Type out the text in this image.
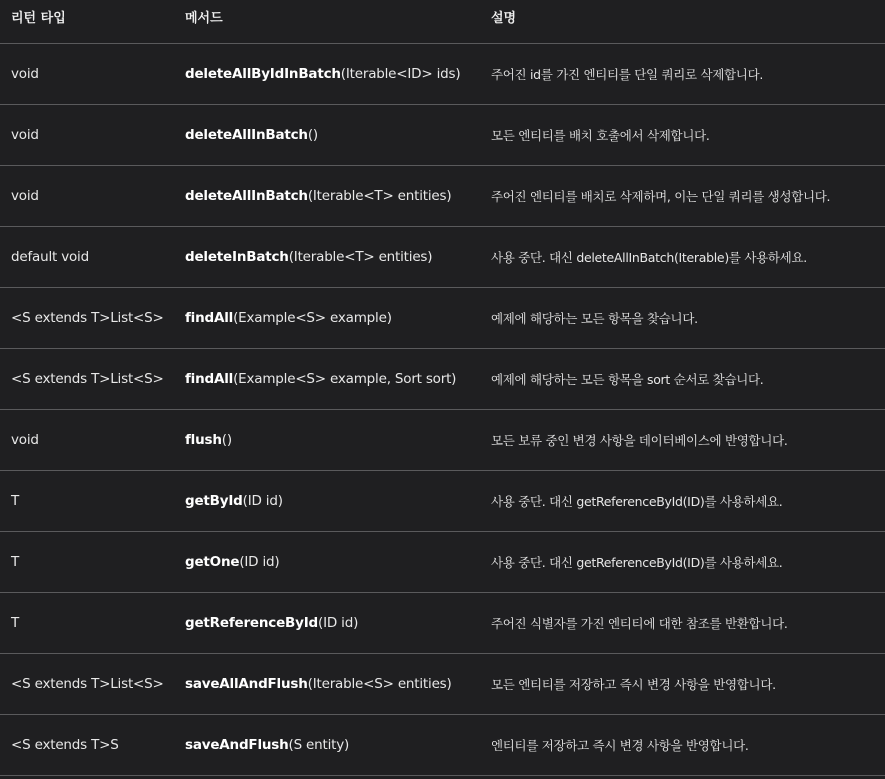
리턴 타입	메서드	설명
void	deleteAllByIdInBatch(Iterable<ID> ids)	주어진 id를 가진 엔티티를 단일 쿼리로 삭제합니다.
void	deleteAllInBatch()	모든 엔티티를 배치 호출에서 삭제합니다.
void	deleteAllInBatch(Iterable<T> entities)	주어진 엔티티를 배치로 삭제하며, 이는 단일 쿼리를 생성합니다.
default void	deleteInBatch(Iterable<T> entities)	사용 중단. 대신 deleteAllInBatch(Iterable)를 사용하세요.
<S extends T>List<S>	findAll(Example<S> example)	예제에 해당하는 모든 항목을 찾습니다.
<S extends T>List<S>	findAll(Example<S> example, Sort sort)	예제에 해당하는 모든 항목을 sort 순서로 찾습니다.
void	flush()	모든 보류 중인 변경 사항을 데이터베이스에 반영합니다.
T	getById(ID id)	사용 중단. 대신 getReferenceById(ID)를 사용하세요.
T	getOne(ID id)	사용 중단. 대신 getReferenceById(ID)를 사용하세요.
T	getReferenceById(ID id)	주어진 식별자를 가진 엔티티에 대한 참조를 반환합니다.
<S extends T>List<S>	saveAllAndFlush(Iterable<S> entities)	모든 엔티티를 저장하고 즉시 변경 사항을 반영합니다.
<S extends T>S	saveAndFlush(S entity)	엔티티를 저장하고 즉시 변경 사항을 반영합니다.
